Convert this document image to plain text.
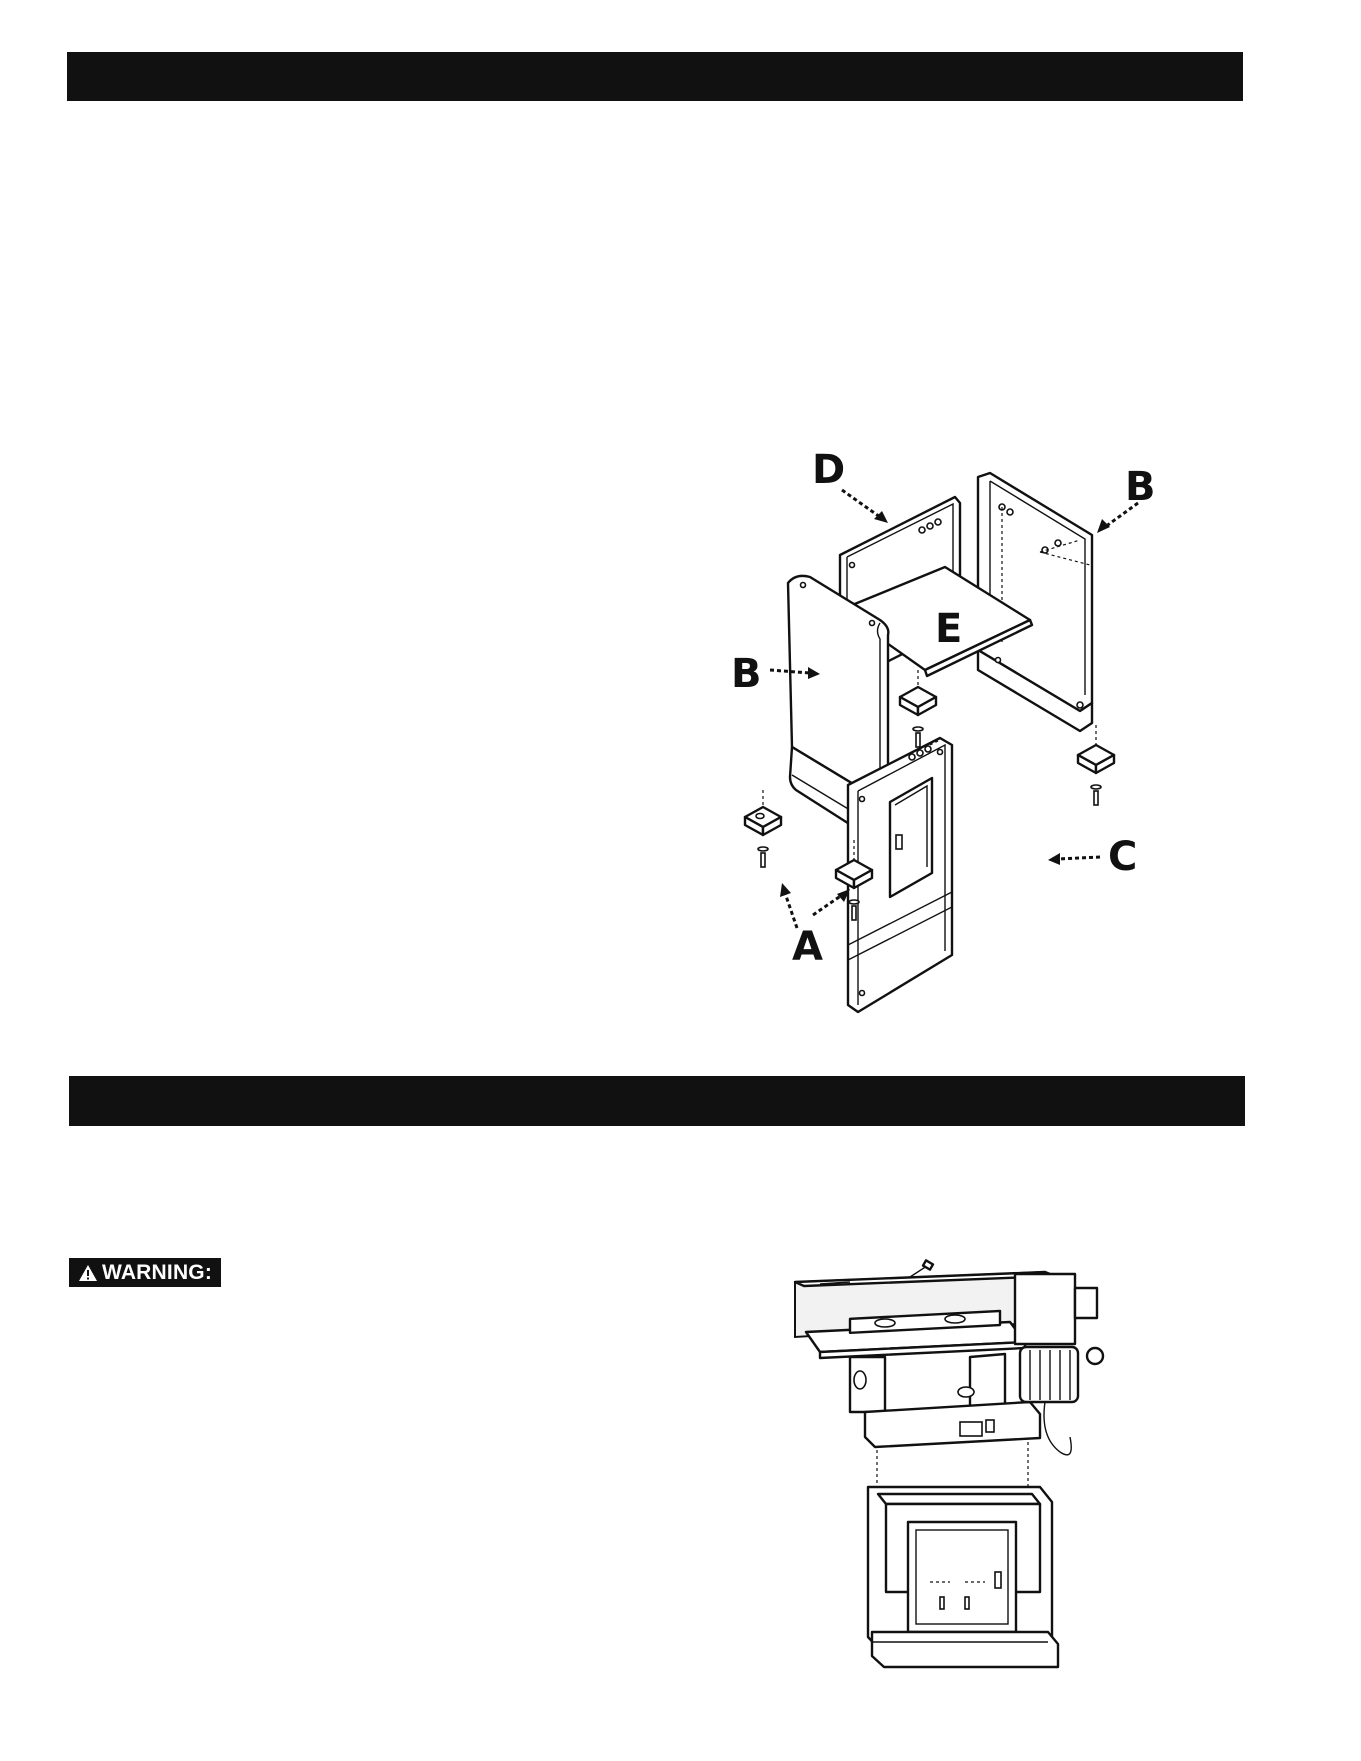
WARNING:
D	B
E
B
C
A
